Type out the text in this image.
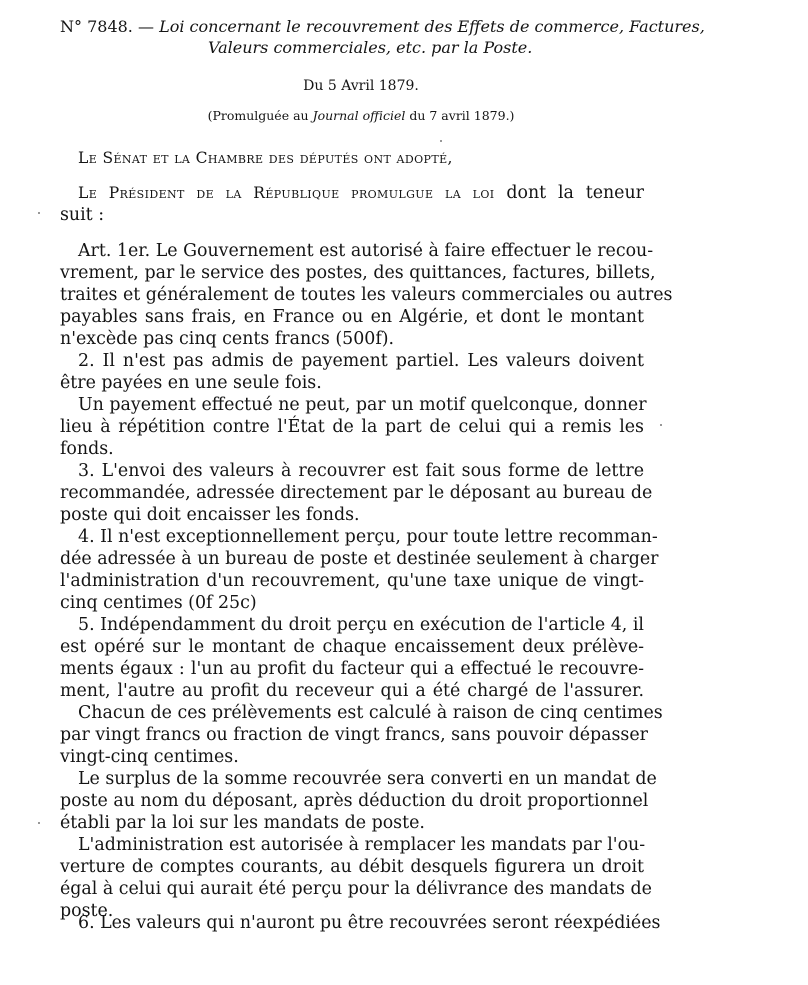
N° 7848. — Loi concernant le recouvrement des Effets de commerce, Factures,
Valeurs commerciales, etc. par la Poste.
Du 5 Avril 1879.
(Promulguée au Journal officiel du 7 avril 1879.)
Le Sénat et la Chambre des députés ont adopté,
Le Président de la République promulgue la loi dont la teneur
suit :
Art. 1er. Le Gouvernement est autorisé à faire effectuer le recou-
vrement, par le service des postes, des quittances, factures, billets,
traites et généralement de toutes les valeurs commerciales ou autres
payables sans frais, en France ou en Algérie, et dont le montant
n'excède pas cinq cents francs (500f).
2. Il n'est pas admis de payement partiel. Les valeurs doivent
être payées en une seule fois.
Un payement effectué ne peut, par un motif quelconque, donner
lieu à répétition contre l'État de la part de celui qui a remis les
fonds.
3. L'envoi des valeurs à recouvrer est fait sous forme de lettre
recommandée, adressée directement par le déposant au bureau de
poste qui doit encaisser les fonds.
4. Il n'est exceptionnellement perçu, pour toute lettre recomman-
dée adressée à un bureau de poste et destinée seulement à charger
l'administration d'un recouvrement, qu'une taxe unique de vingt-
cinq centimes (0f 25c)
5. Indépendamment du droit perçu en exécution de l'article 4, il
est opéré sur le montant de chaque encaissement deux prélève-
ments égaux : l'un au profit du facteur qui a effectué le recouvre-
ment, l'autre au profit du receveur qui a été chargé de l'assurer.
Chacun de ces prélèvements est calculé à raison de cinq centimes
par vingt francs ou fraction de vingt francs, sans pouvoir dépasser
vingt-cinq centimes.
Le surplus de la somme recouvrée sera converti en un mandat de
poste au nom du déposant, après déduction du droit proportionnel
établi par la loi sur les mandats de poste.
L'administration est autorisée à remplacer les mandats par l'ou-
verture de comptes courants, au débit desquels figurera un droit
égal à celui qui aurait été perçu pour la délivrance des mandats de
poste.
6. Les valeurs qui n'auront pu être recouvrées seront réexpédiées
